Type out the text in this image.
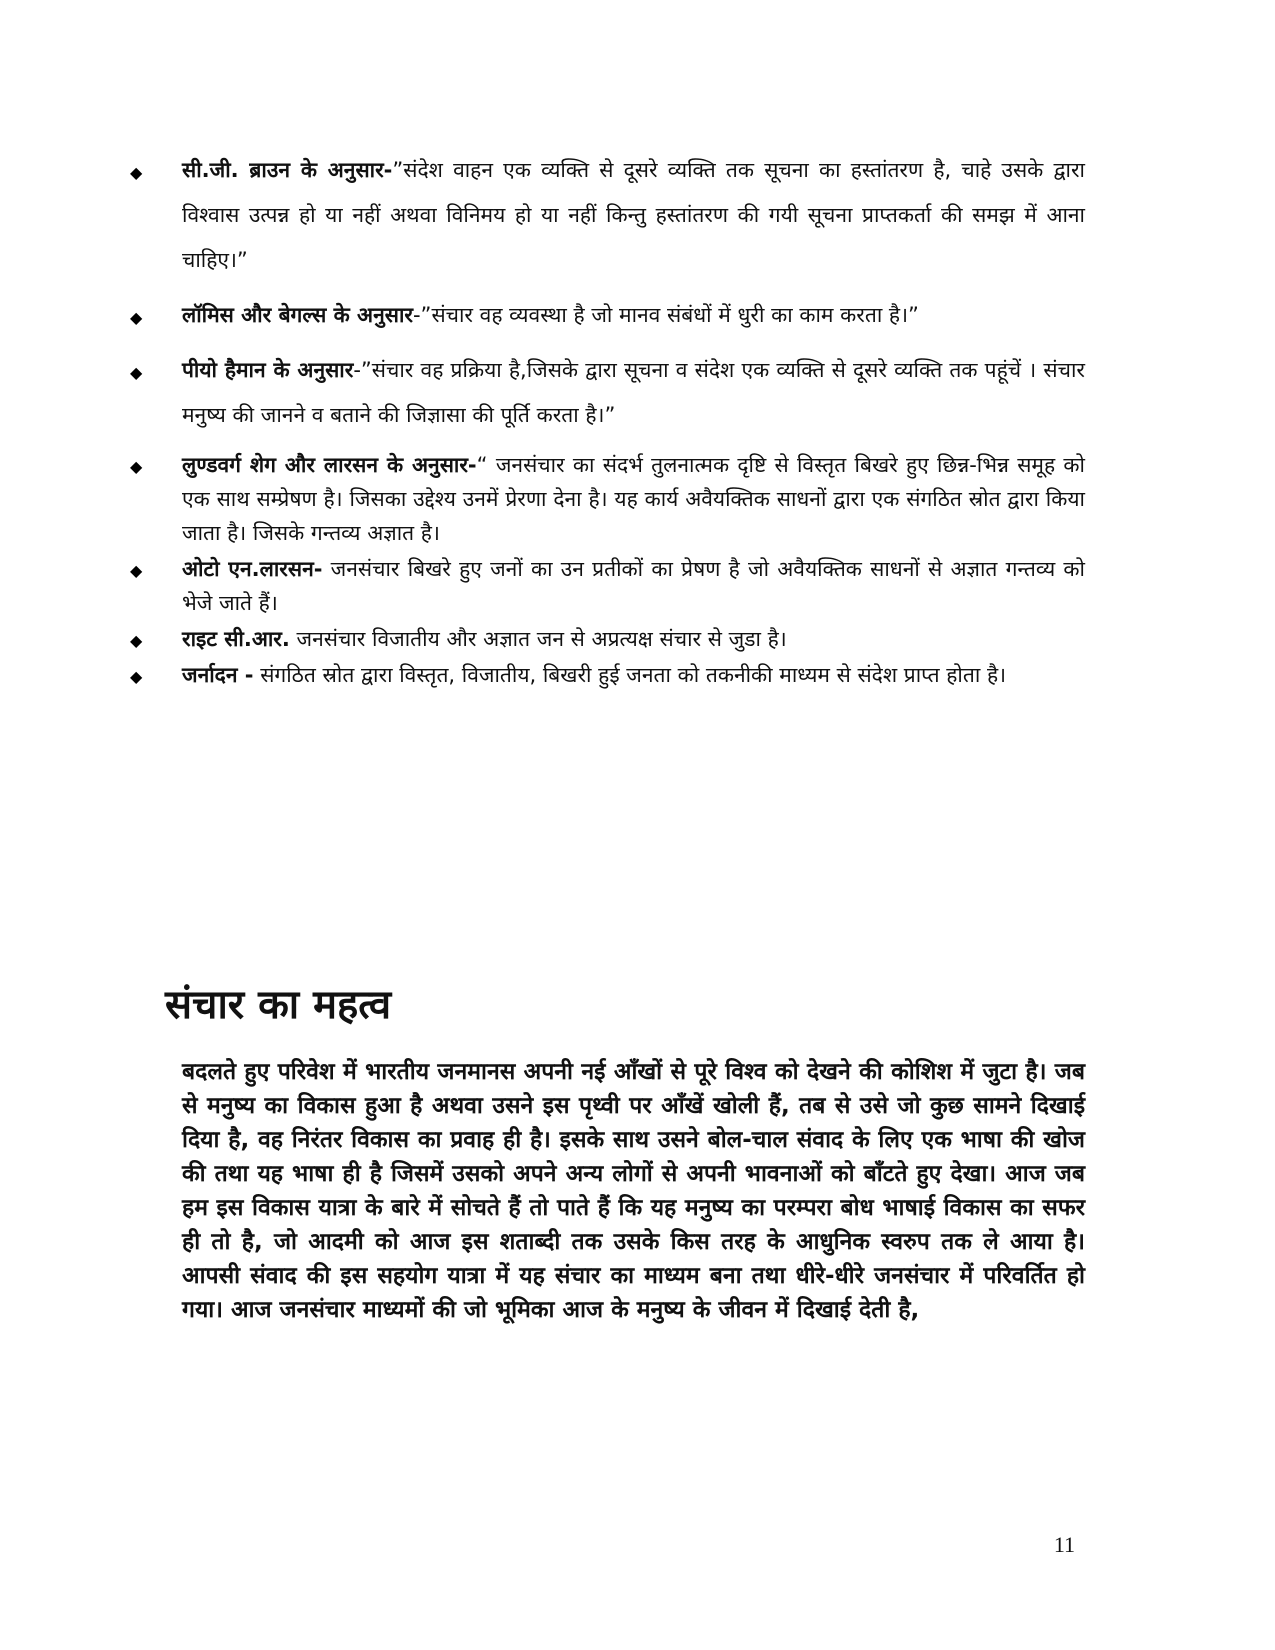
◆ सी.जी. ब्राउन के अनुसार-”संदेश वाहन एक व्यक्ति से दूसरे व्यक्ति तक सूचना का हस्तांतरण है, चाहे उसके द्वारा विश्वास उत्पन्न हो या नहीं अथवा विनिमय हो या नहीं किन्तु हस्तांतरण की गयी सूचना प्राप्तकर्ता की समझ में आना चाहिए।”
◆ लॉमिस और बेगल्स के अनुसार-”संचार वह व्यवस्था है जो मानव संबंधों में धुरी का काम करता है।”
◆ पीयो हैमान के अनुसार-”संचार वह प्रक्रिया है,जिसके द्वारा सूचना व संदेश एक व्यक्ति से दूसरे व्यक्ति तक पहूंचें । संचार मनुष्य की जानने व बताने की जिज्ञासा की पूर्ति करता है।”
◆ लुण्डवर्ग शेग और लारसन के अनुसार-“ जनसंचार का संदर्भ तुलनात्मक दृष्टि से विस्तृत बिखरे हुए छिन्न-भिन्न समूह को एक साथ सम्प्रेषण है। जिसका उद्देश्य उनमें प्रेरणा देना है। यह कार्य अवैयक्तिक साधनों द्वारा एक संगठित स्रोत द्वारा किया जाता है। जिसके गन्तव्य अज्ञात है।
◆ ओटो एन.लारसन- जनसंचार बिखरे हुए जनों का उन प्रतीकों का प्रेषण है जो अवैयक्तिक साधनों से अज्ञात गन्तव्य को भेजे जाते हैं।
◆ राइट सी.आर. जनसंचार विजातीय और अज्ञात जन से अप्रत्यक्ष संचार से जुडा है।
◆ जर्नादन - संगठित स्रोत द्वारा विस्तृत, विजातीय, बिखरी हुई जनता को तकनीकी माध्यम से संदेश प्राप्त होता है।
संचार का महत्व

बदलते हुए परिवेश में भारतीय जनमानस अपनी नई आँखों से पूरे विश्व को देखने की कोशिश में जुटा है। जब से मनुष्य का विकास हुआ है अथवा उसने इस पृथ्वी पर आँखें खोली हैं, तब से उसे जो कुछ सामने दिखाई दिया है, वह निरंतर विकास का प्रवाह ही है। इसके साथ उसने बोल-चाल संवाद के लिए एक भाषा की खोज की तथा यह भाषा ही है जिसमें उसको अपने अन्य लोगों से अपनी भावनाओं को बाँटते हुए देखा। आज जब हम इस विकास यात्रा के बारे में सोचते हैं तो पाते हैं कि यह मनुष्य का परम्परा बोध भाषाई विकास का सफर ही तो है, जो आदमी को आज इस शताब्दी तक उसके किस तरह के आधुनिक स्वरुप तक ले आया है। आपसी संवाद की इस सहयोग यात्रा में यह संचार का माध्यम बना तथा धीरे-धीरे जनसंचार में परिवर्तित हो गया। आज जनसंचार माध्यमों की जो भूमिका आज के मनुष्य के जीवन में दिखाई देती है,

11
